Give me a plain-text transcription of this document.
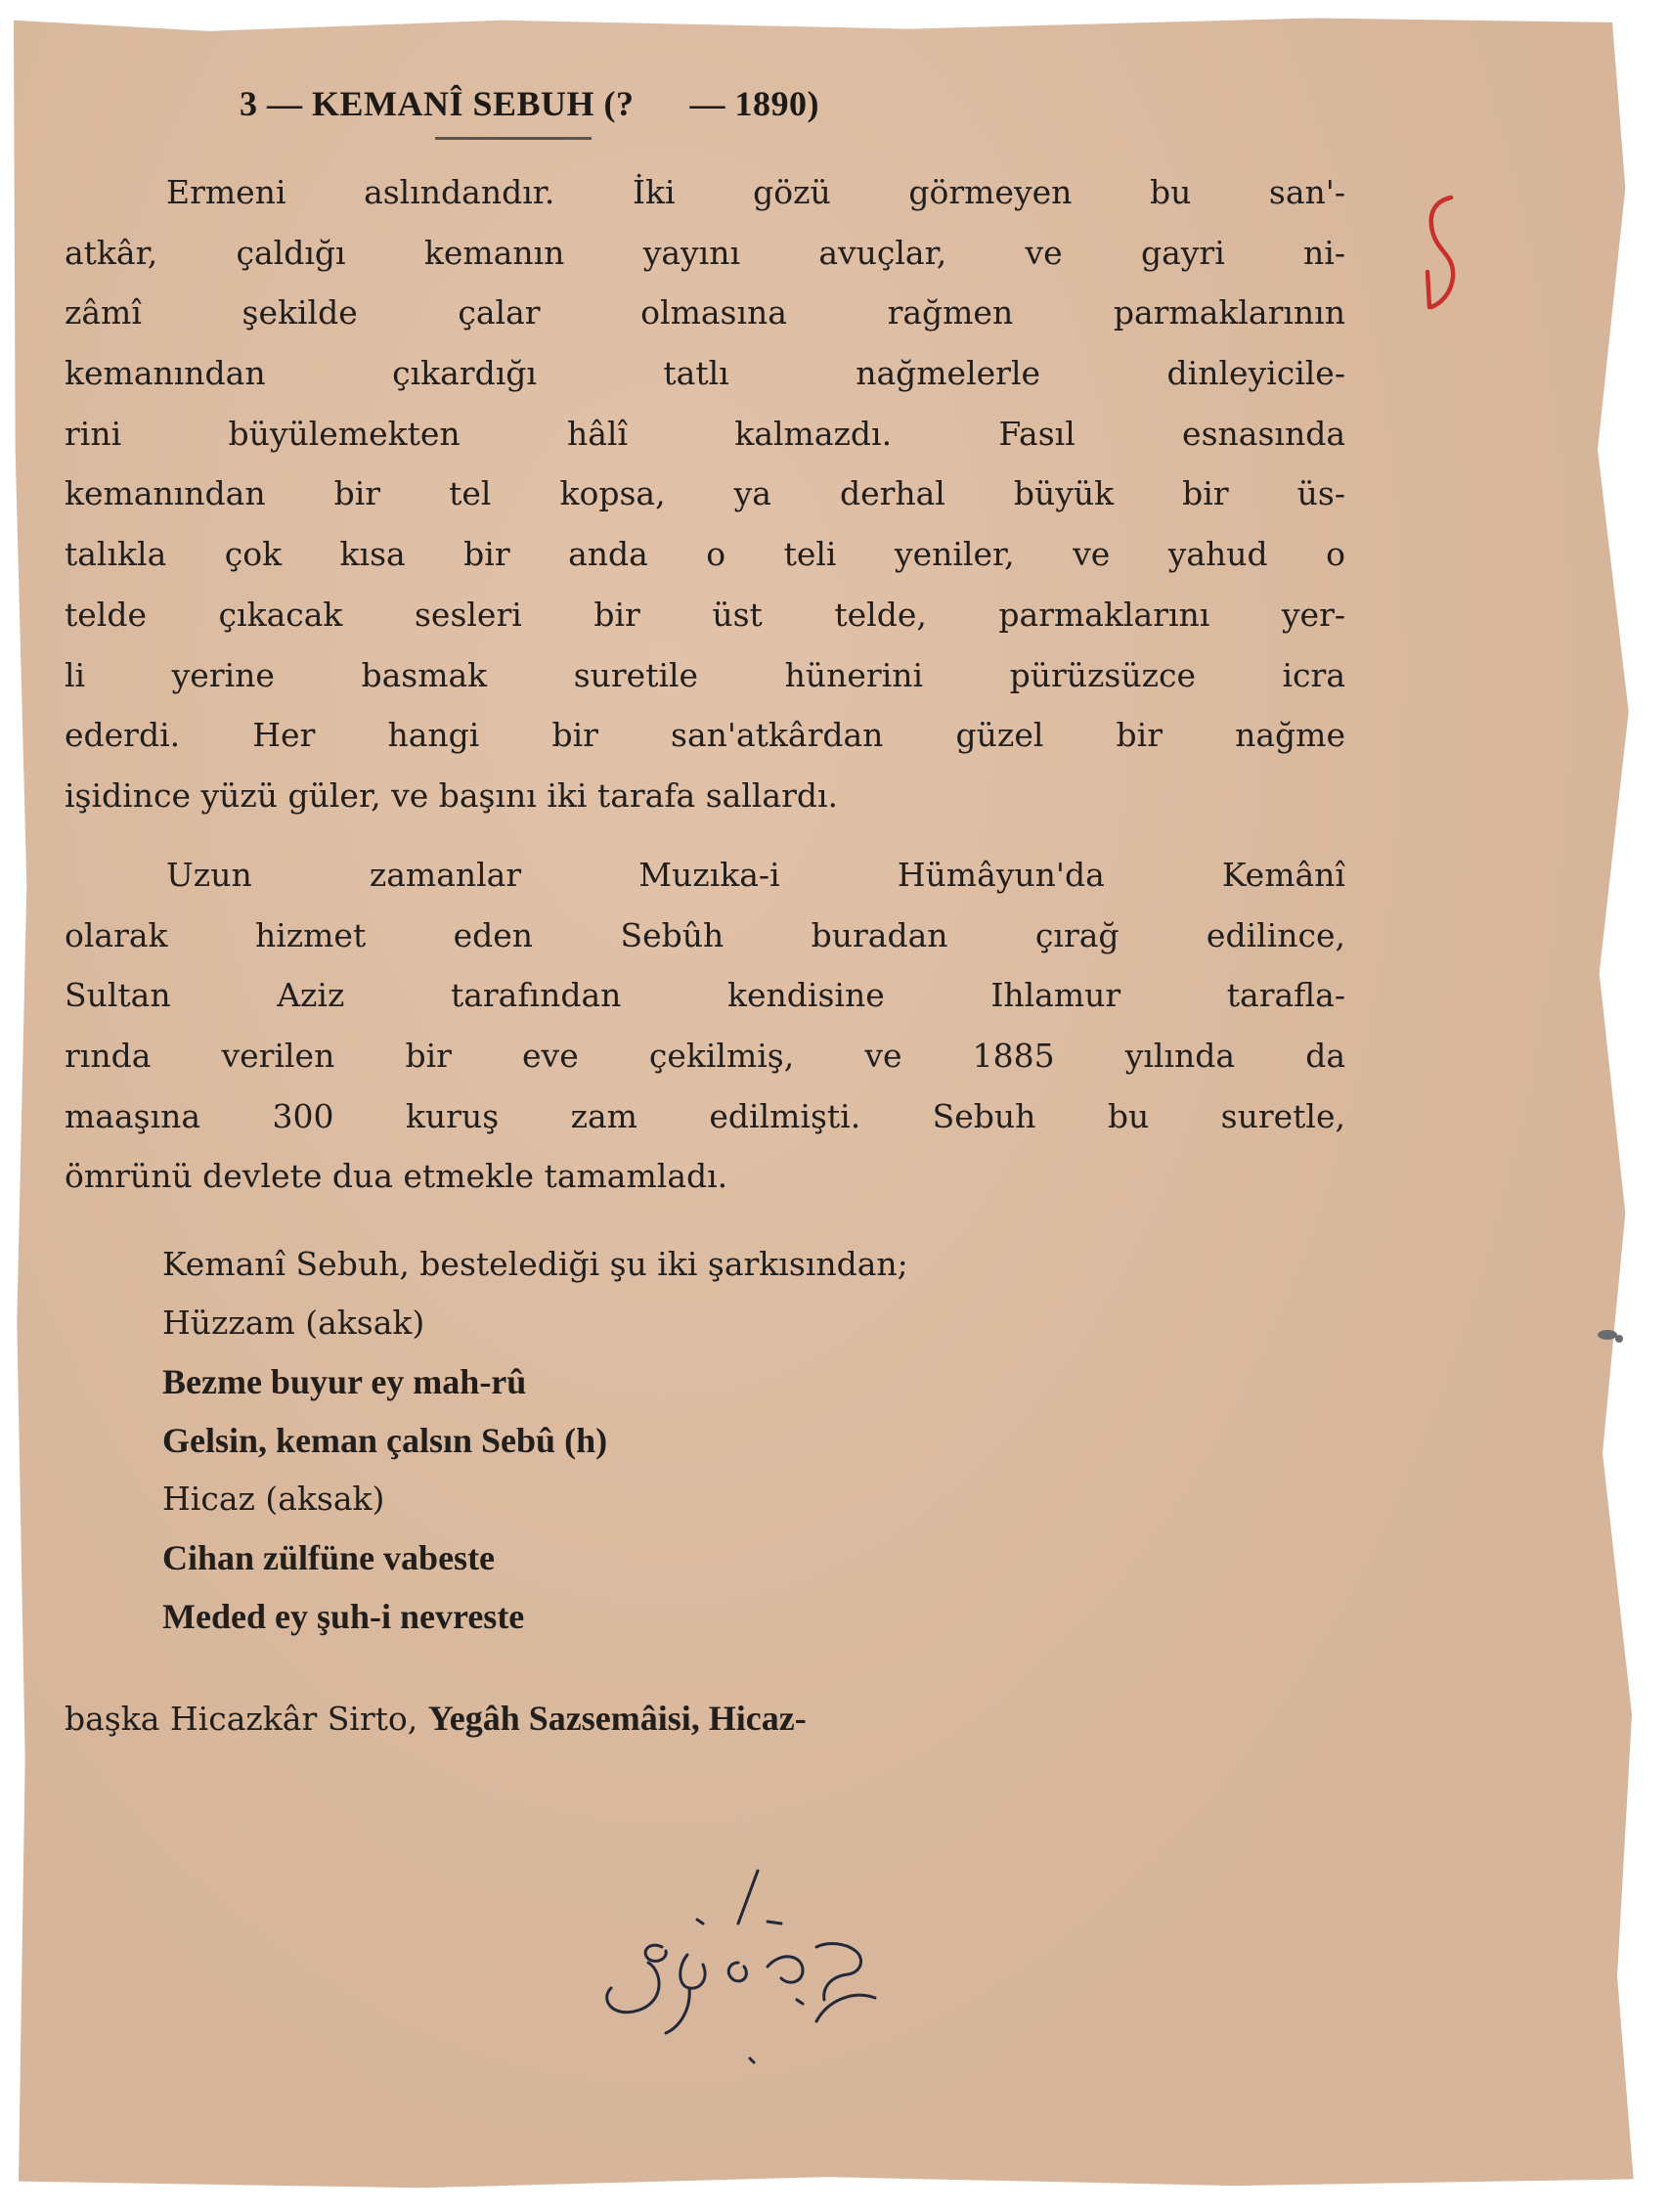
3 — KEMANÎ SEBUH (?      — 1890)
Ermeni aslındandır. İki gözü görmeyen bu san'-
atkâr, çaldığı kemanın yayını avuçlar, ve gayri ni-
zâmî şekilde çalar olmasına rağmen parmaklarının
kemanından çıkardığı tatlı nağmelerle dinleyicile-
rini büyülemekten hâlî kalmazdı. Fasıl esnasında
kemanından bir tel kopsa, ya derhal büyük bir üs-
talıkla çok kısa bir anda o teli yeniler, ve yahud o
telde çıkacak sesleri bir üst telde, parmaklarını yer-
li yerine basmak suretile hünerini pürüzsüzce icra
ederdi. Her hangi bir san'atkârdan güzel bir nağme
işidince yüzü güler, ve başını iki tarafa sallardı.
Uzun zamanlar Muzıka-i Hümâyun'da Kemânî
olarak hizmet eden Sebûh buradan çırağ edilince,
Sultan Aziz tarafından kendisine Ihlamur tarafla-
rında verilen bir eve çekilmiş, ve 1885 yılında da
maaşına 300 kuruş zam edilmişti. Sebuh bu suretle,
ömrünü devlete dua etmekle tamamladı.
Kemanî Sebuh, bestelediği şu iki şarkısından;
Hüzzam (aksak)
Bezme buyur ey mah-rû
Gelsin, keman çalsın Sebû (h)
Hicaz (aksak)
Cihan zülfüne vabeste
Meded ey şuh-i nevreste
başka Hicazkâr Sirto, Yegâh Sazsemâisi, Hicaz-
